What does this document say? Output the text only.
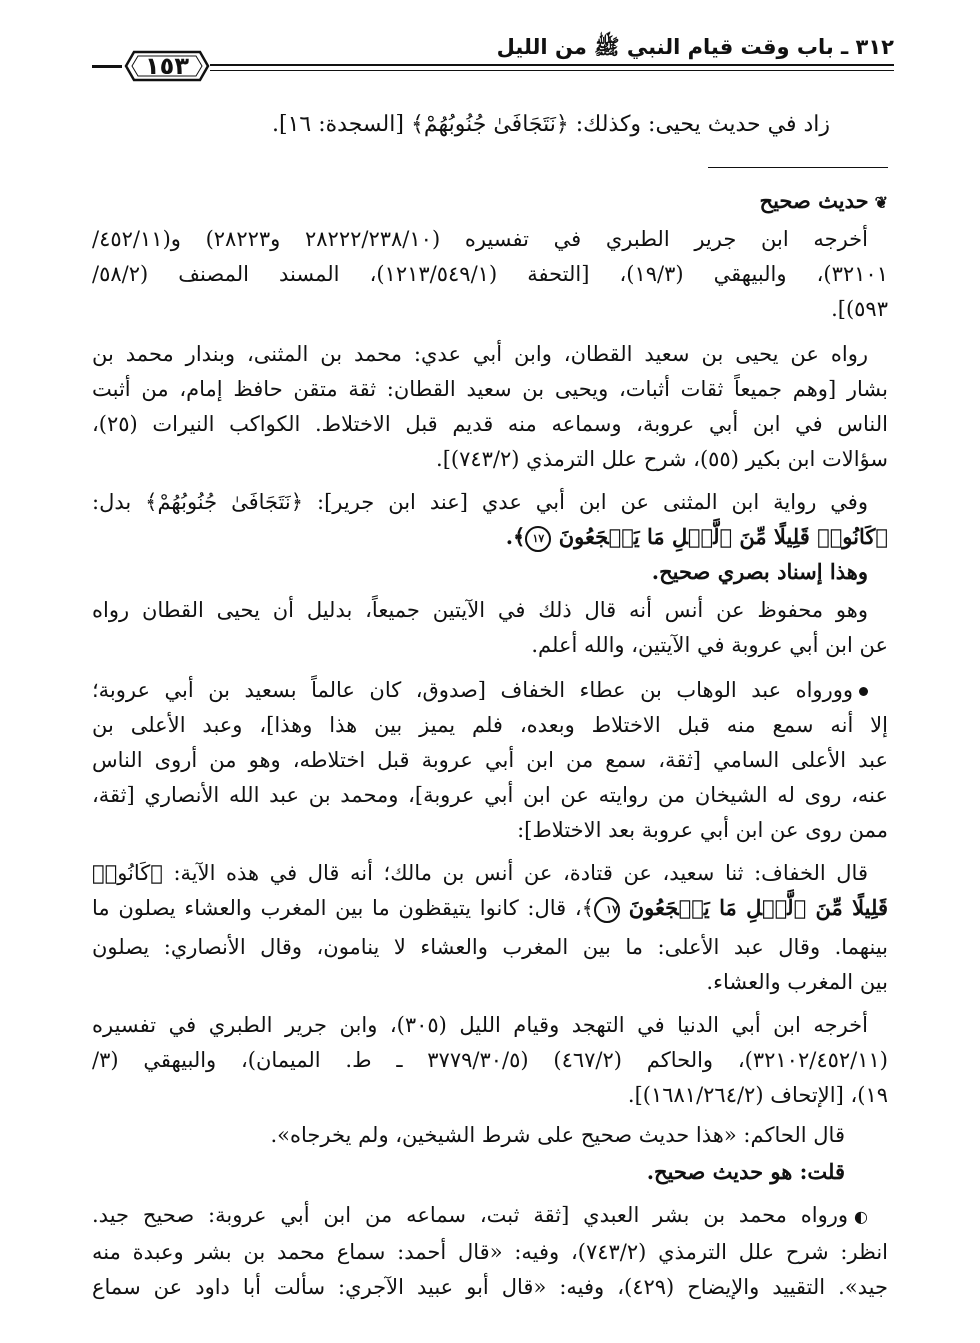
٣١٢ ـ باب وقت قيام النبي ﷺ من الليل
١٥٣
زاد في حديث يحيى: وكذلك: ﴿نَتَجَافَىٰ جُنُوبُهُمْ﴾ [السجدة: ١٦].
❦حديث صحيح
أخرجه ابن جرير الطبري في تفسيره (٢٨٢٢٢/٢٣٨/١٠ و٢٨٢٢٣) و(٤٥٢/١١/
٣٢١٠١)، والبيهقي (١٩/٣)، [التحفة (١٢١٣/٥٤٩/١)، المسند المصنف (٥٨/٢/
٥٩٣)].
رواه عن يحيى بن سعيد القطان، وابن أبي عدي: محمد بن المثنى، وبندار محمد بن
بشار [وهم جميعاً ثقات أثبات، ويحيى بن سعيد القطان: ثقة متقن حافظ إمام، من أثبت
الناس في ابن أبي عروبة، وسماعه منه قديم قبل الاختلاط. الكواكب النيرات (٢٥)،
سؤالات ابن بكير (٥٥)، شرح علل الترمذي (٧٤٣/٢)].
وفي رواية ابن المثنى عن ابن أبي عدي [عند ابن جرير]: ﴿نَتَجَافَىٰ جُنُوبُهُمْ﴾ بدل:
﴿كَانُوا۟ قَلِيلًا مِّنَ ٱلَّيۡلِ مَا يَهۡجَعُونَ ١٧﴾.
وهذا إسناد بصري صحيح.
وهو محفوظ عن أنس أنه قال ذلك في الآيتين جميعاً، بدليل أن يحيى القطان رواه
عن ابن أبي عروبة في الآيتين، والله أعلم.
وورواه عبد الوهاب بن عطاء الخفاف [صدوق، كان عالماً بسعيد بن أبي عروبة؛
إلا أنه سمع منه قبل الاختلاط وبعده، فلم يميز بين هذا وهذا]، وعبد الأعلى بن
عبد الأعلى السامي [ثقة، سمع من ابن أبي عروبة قبل اختلاطه، وهو من أروى الناس
عنه، روى له الشيخان من روايته عن ابن أبي عروبة]، ومحمد بن عبد الله الأنصاري [ثقة،
ممن روى عن ابن أبي عروبة بعد الاختلاط]:
قال الخفاف: ثنا سعيد، عن قتادة، عن أنس بن مالك؛ أنه قال في هذه الآية: ﴿كَانُوا۟
قَلِيلًا مِّنَ ٱلَّيۡلِ مَا يَهۡجَعُونَ ١٧﴾، قال: كانوا يتيقظون ما بين المغرب والعشاء يصلون ما
بينهما. وقال عبد الأعلى: ما بين المغرب والعشاء لا ينامون، وقال الأنصاري: يصلون
بين المغرب والعشاء.
أخرجه ابن أبي الدنيا في التهجد وقيام الليل (٣٠٥)، وابن جرير الطبري في تفسيره
(٣٢١٠٢/٤٥٢/١١)، والحاكم (٤٦٧/٢) (٣٧٧٩/٣٠/٥ ـ ط. الميمان)، والبيهقي (٣/
١٩)، [الإتحاف (١٦٨١/٢٦٤/٢)].
قال الحاكم: «هذا حديث صحيح على شرط الشيخين، ولم يخرجاه».
قلت: هو حديث صحيح.
◐ورواه محمد بن بشر العبدي [ثقة ثبت، سماعه من ابن أبي عروبة: صحيح جيد.
انظر: شرح علل الترمذي (٧٤٣/٢)، وفيه: «قال أحمد: سماع محمد بن بشر وعبدة منه
جيد». التقييد والإيضاح (٤٢٩)، وفيه: «قال أبو عبيد الآجري: سألت أبا داود عن سماع
